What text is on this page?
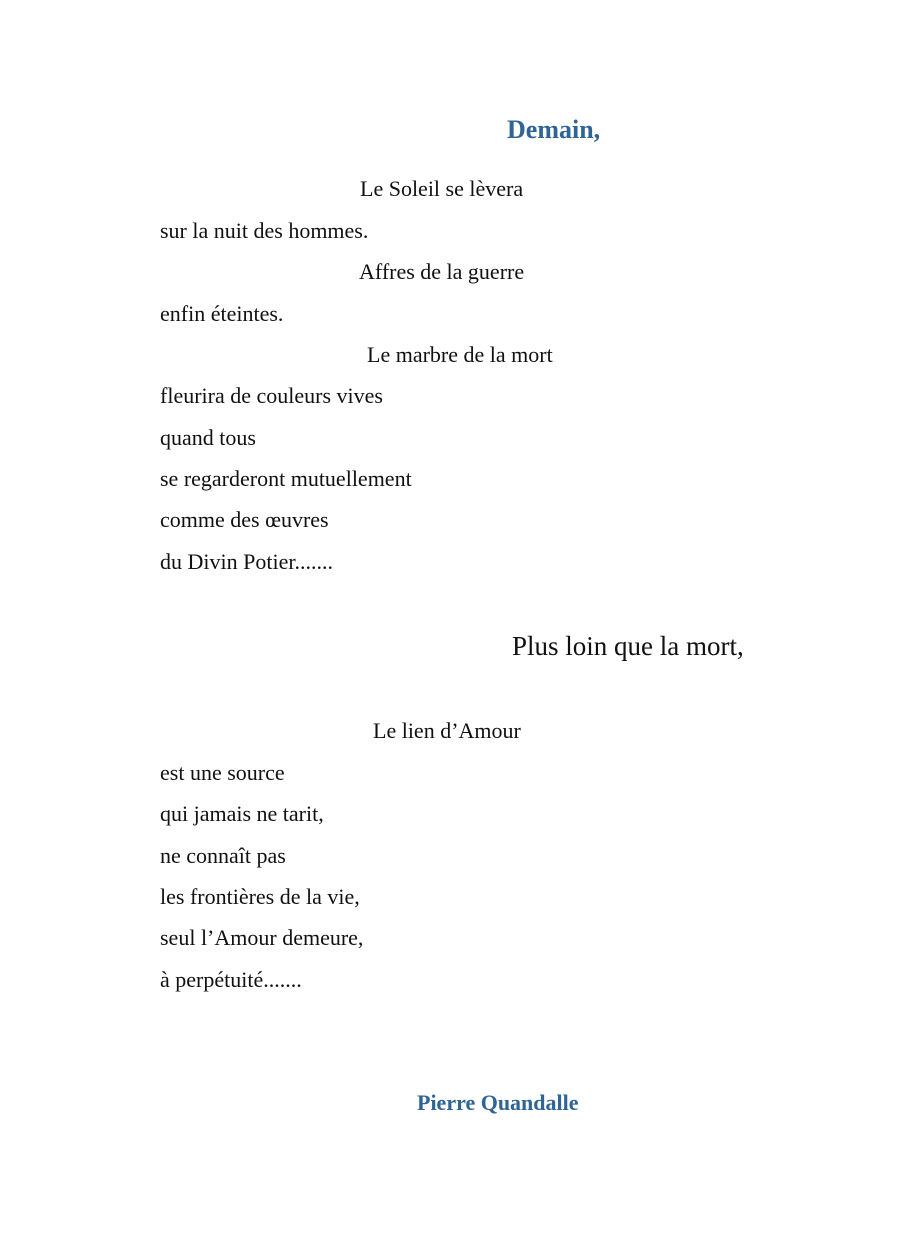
Demain,
Le Soleil se lèvera
sur la nuit des hommes.
Affres de la guerre
enfin éteintes.
Le marbre de la mort
fleurira de couleurs vives
quand tous
se regarderont mutuellement
comme des œuvres
du Divin Potier.......
Plus loin que la mort,
Le lien d’Amour
est une source
qui jamais ne tarit,
ne connaît pas
les frontières de la vie,
seul l’Amour demeure,
à perpétuité.......
Pierre Quandalle
